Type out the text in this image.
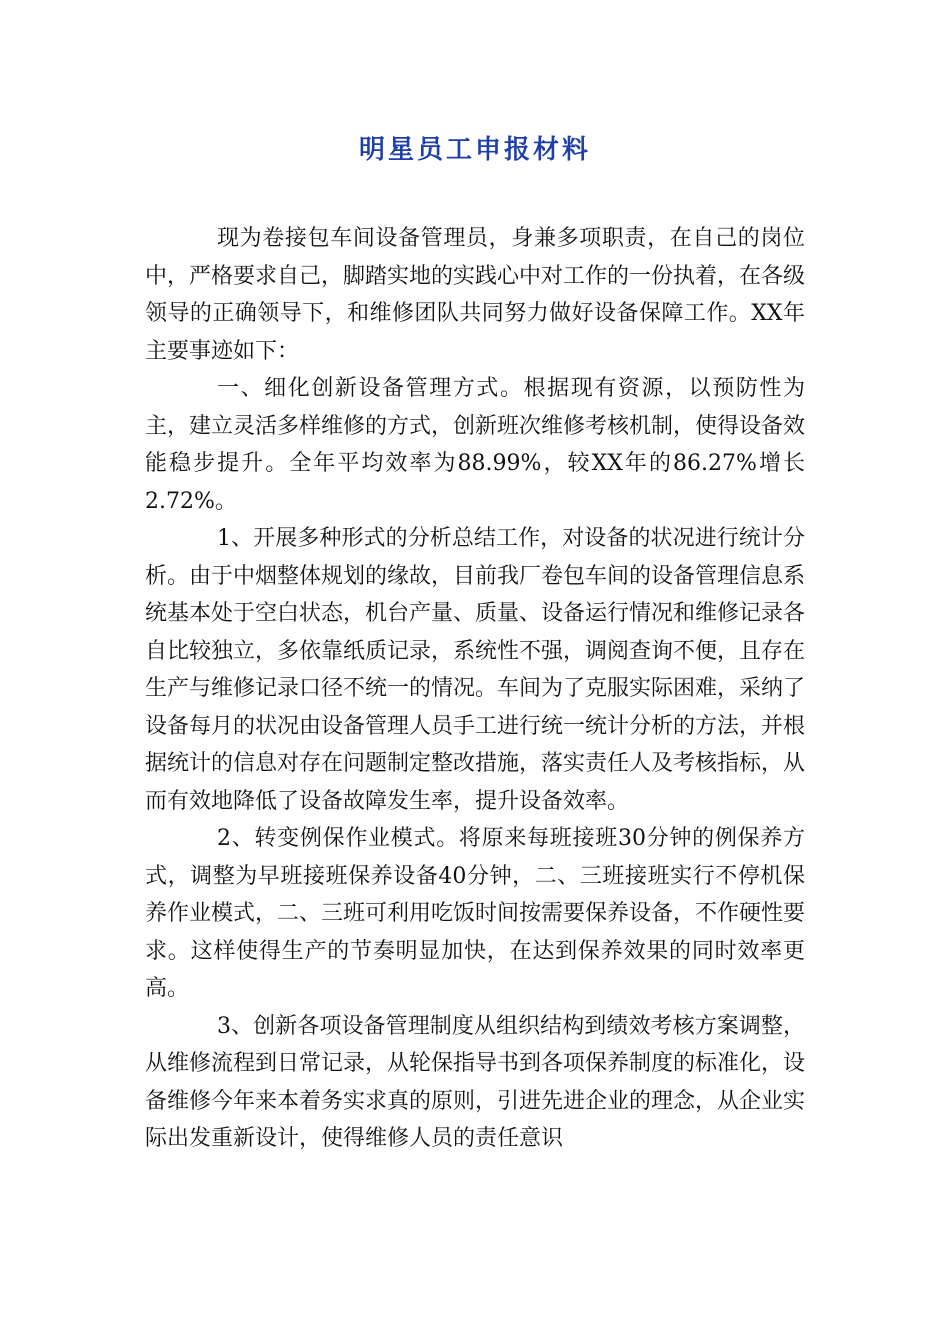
明星员工申报材料

现为卷接包车间设备管理员，身兼多项职责，在自己的岗位中，严格要求自己，脚踏实地的实践心中对工作的一份执着，在各级领导的正确领导下，和维修团队共同努力做好设备保障工作。XX年主要事迹如下：

一、细化创新设备管理方式。根据现有资源，以预防性为主，建立灵活多样维修的方式，创新班次维修考核机制，使得设备效能稳步提升。全年平均效率为88.99%，较XX年的86.27%增长2.72%。

1、开展多种形式的分析总结工作，对设备的状况进行统计分析。由于中烟整体规划的缘故，目前我厂卷包车间的设备管理信息系统基本处于空白状态，机台产量、质量、设备运行情况和维修记录各自比较独立，多依靠纸质记录，系统性不强，调阅查询不便，且存在生产与维修记录口径不统一的情况。车间为了克服实际困难，采纳了设备每月的状况由设备管理人员手工进行统一统计分析的方法，并根据统计的信息对存在问题制定整改措施，落实责任人及考核指标，从而有效地降低了设备故障发生率，提升设备效率。

2、转变例保作业模式。将原来每班接班30分钟的例保养方式，调整为早班接班保养设备40分钟，二、三班接班实行不停机保养作业模式，二、三班可利用吃饭时间按需要保养设备，不作硬性要求。这样使得生产的节奏明显加快，在达到保养效果的同时效率更高。

3、创新各项设备管理制度从组织结构到绩效考核方案调整，从维修流程到日常记录，从轮保指导书到各项保养制度的标准化，设备维修今年来本着务实求真的原则，引进先进企业的理念，从企业实际出发重新设计，使得维修人员的责任意识
